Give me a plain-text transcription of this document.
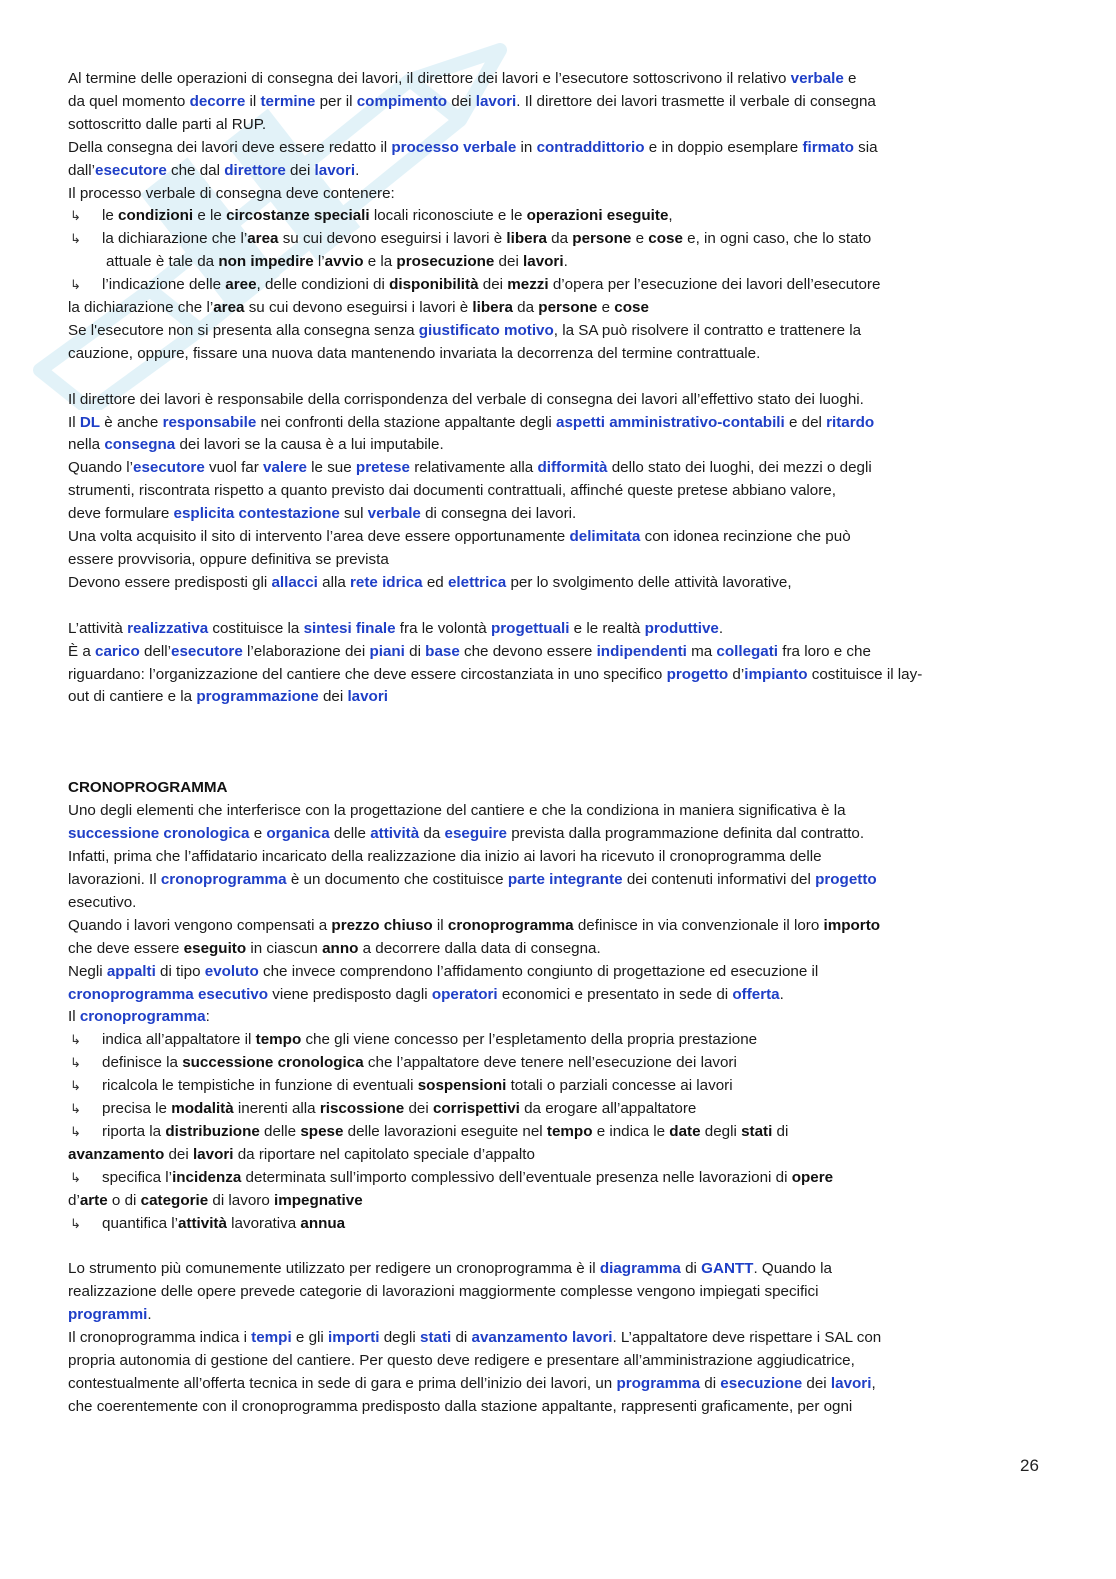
Al termine delle operazioni di consegna dei lavori, il direttore dei lavori e l’esecutore sottoscrivono il relativo verbale e
da quel momento decorre il termine per il compimento dei lavori. Il direttore dei lavori trasmette il verbale di consegna
sottoscritto dalle parti al RUP.
Della consegna dei lavori deve essere redatto il processo verbale in contraddittorio e in doppio esemplare firmato sia
dall’esecutore che dal direttore dei lavori.
Il processo verbale di consegna deve contenere:
↳ le condizioni e le circostanze speciali locali riconosciute e le operazioni eseguite,
↳ la dichiarazione che l’area su cui devono eseguirsi i lavori è libera da persone e cose e, in ogni caso, che lo stato
attuale è tale da non impedire l’avvio e la prosecuzione dei lavori.
↳ l’indicazione delle aree, delle condizioni di disponibilità dei mezzi d’opera per l’esecuzione dei lavori dell’esecutore
la dichiarazione che l’area su cui devono eseguirsi i lavori è libera da persone e cose
Se l'esecutore non si presenta alla consegna senza giustificato motivo, la SA può risolvere il contratto e trattenere la
cauzione, oppure, fissare una nuova data mantenendo invariata la decorrenza del termine contrattuale.
Il direttore dei lavori è responsabile della corrispondenza del verbale di consegna dei lavori all’effettivo stato dei luoghi.
Il DL è anche responsabile nei confronti della stazione appaltante degli aspetti amministrativo-contabili e del ritardo
nella consegna dei lavori se la causa è a lui imputabile.
Quando l’esecutore vuol far valere le sue pretese relativamente alla difformità dello stato dei luoghi, dei mezzi o degli
strumenti, riscontrata rispetto a quanto previsto dai documenti contrattuali, affinché queste pretese abbiano valore,
deve formulare esplicita contestazione sul verbale di consegna dei lavori.
Una volta acquisito il sito di intervento l’area deve essere opportunamente delimitata con idonea recinzione che può
essere provvisoria, oppure definitiva se prevista
Devono essere predisposti gli allacci alla rete idrica ed elettrica per lo svolgimento delle attività lavorative,
L’attività realizzativa costituisce la sintesi finale fra le volontà progettuali e le realtà produttive.
È a carico dell’esecutore l’elaborazione dei piani di base che devono essere indipendenti ma collegati fra loro e che
riguardano: l’organizzazione del cantiere che deve essere circostanziata in uno specifico progetto d’impianto costituisce il lay-
out di cantiere e la programmazione dei lavori
CRONOPROGRAMMA
Uno degli elementi che interferisce con la progettazione del cantiere e che la condiziona in maniera significativa è la
successione cronologica e organica delle attività da eseguire prevista dalla programmazione definita dal contratto.
Infatti, prima che l’affidatario incaricato della realizzazione dia inizio ai lavori ha ricevuto il cronoprogramma delle
lavorazioni. Il cronoprogramma è un documento che costituisce parte integrante dei contenuti informativi del progetto
esecutivo.
Quando i lavori vengono compensati a prezzo chiuso il cronoprogramma definisce in via convenzionale il loro importo
che deve essere eseguito in ciascun anno a decorrere dalla data di consegna.
Negli appalti di tipo evoluto che invece comprendono l’affidamento congiunto di progettazione ed esecuzione il
cronoprogramma esecutivo viene predisposto dagli operatori economici e presentato in sede di offerta.
Il cronoprogramma:
↳ indica all’appaltatore il tempo che gli viene concesso per l’espletamento della propria prestazione
↳ definisce la successione cronologica che l’appaltatore deve tenere nell’esecuzione dei lavori
↳ ricalcola le tempistiche in funzione di eventuali sospensioni totali o parziali concesse ai lavori
↳ precisa le modalità inerenti alla riscossione dei corrispettivi da erogare all’appaltatore
↳ riporta la distribuzione delle spese delle lavorazioni eseguite nel tempo e indica le date degli stati di
avanzamento dei lavori da riportare nel capitolato speciale d’appalto
↳ specifica l’incidenza determinata sull’importo complessivo dell’eventuale presenza nelle lavorazioni di opere
d’arte o di categorie di lavoro impegnative
↳ quantifica l’attività lavorativa annua
Lo strumento più comunemente utilizzato per redigere un cronoprogramma è il diagramma di GANTT. Quando la
realizzazione delle opere prevede categorie di lavorazioni maggiormente complesse vengono impiegati specifici
programmi.
Il cronoprogramma indica i tempi e gli importi degli stati di avanzamento lavori. L’appaltatore deve rispettare i SAL con
propria autonomia di gestione del cantiere. Per questo deve redigere e presentare all’amministrazione aggiudicatrice,
contestualmente all’offerta tecnica in sede di gara e prima dell’inizio dei lavori, un programma di esecuzione dei lavori,
che coerentemente con il cronoprogramma predisposto dalla stazione appaltante, rappresenti graficamente, per ogni
26
